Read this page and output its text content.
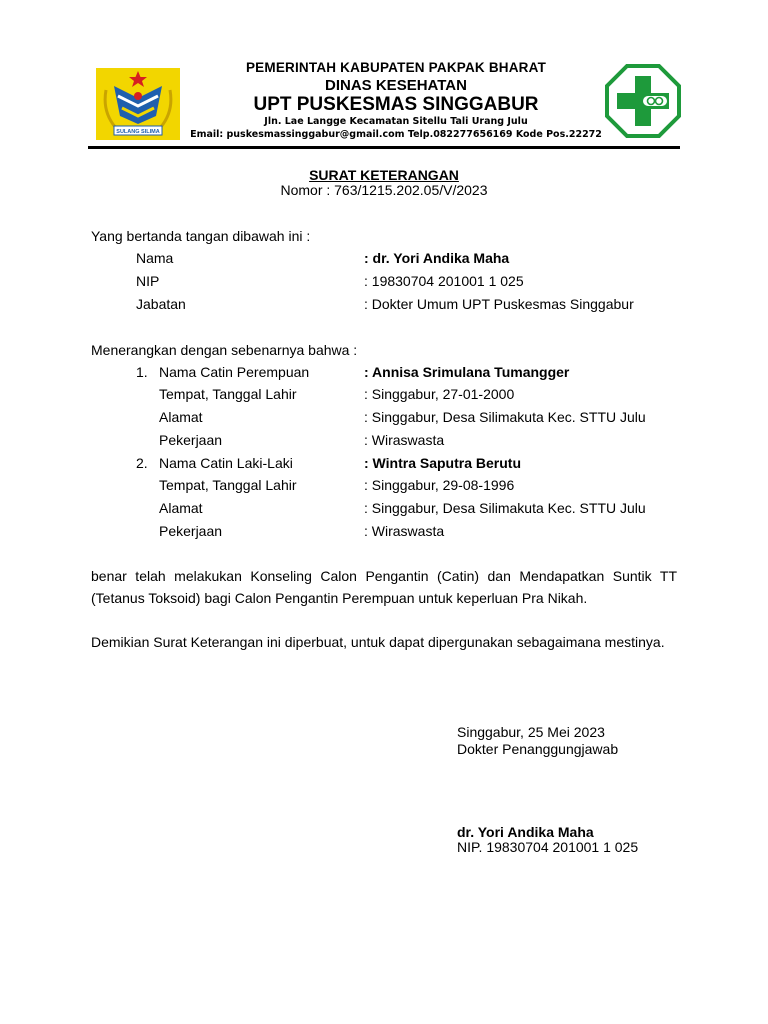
SULANG SILIMA
PEMERINTAH KABUPATEN PAKPAK BHARAT
DINAS KESEHATAN
UPT PUSKESMAS SINGGABUR
Jln. Lae Langge Kecamatan Sitellu Tali Urang Julu
Email: puskesmassinggabur@gmail.com Telp.082277656169 Kode Pos.22272
SURAT KETERANGAN
Nomor : 763/1215.202.05/V/2023
Yang bertanda tangan dibawah ini :
Nama	: dr. Yori Andika Maha
NIP	: 19830704 201001 1 025
Jabatan	: Dokter Umum UPT Puskesmas Singgabur
Menerangkan dengan sebenarnya bahwa :
1. Nama Catin Perempuan	: Annisa Srimulana Tumangger
Tempat, Tanggal Lahir	: Singgabur, 27-01-2000
Alamat	: Singgabur, Desa Silimakuta Kec. STTU Julu
Pekerjaan	: Wiraswasta
2. Nama Catin Laki-Laki	: Wintra Saputra Berutu
Tempat, Tanggal Lahir	: Singgabur, 29-08-1996
Alamat	: Singgabur, Desa Silimakuta Kec. STTU Julu
Pekerjaan	: Wiraswasta
benar telah melakukan Konseling Calon Pengantin (Catin) dan Mendapatkan Suntik TT (Tetanus Toksoid) bagi Calon Pengantin Perempuan untuk keperluan Pra Nikah.
Demikian Surat Keterangan ini diperbuat, untuk dapat dipergunakan sebagaimana mestinya.
Singgabur, 25 Mei 2023
Dokter Penanggungjawab
dr. Yori Andika Maha
NIP. 19830704 201001 1 025
